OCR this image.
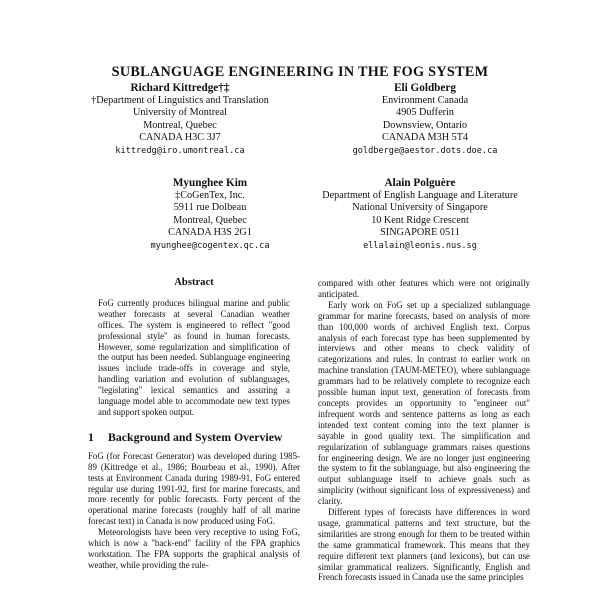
SUBLANGUAGE ENGINEERING IN THE FOG SYSTEM
Richard Kittredge†‡
†Department of Linguistics and Translation
University of Montreal
Montreal, Quebec
CANADA H3C 3J7
kittredg@iro.umontreal.ca
Eli Goldberg
Environment Canada
4905 Dufferin
Downsview, Ontario
CANADA M3H 5T4
goldberge@aestor.dots.doe.ca
Myunghee Kim
‡CoGenTex, Inc.
5911 rue Dolbeau
Montreal, Quebec
CANADA H3S 2G1
myunghee@cogentex.qc.ca
Alain Polguère
Department of English Language and Literature
National University of Singapore
10 Kent Ridge Crescent
SINGAPORE 0511
ellalain@leonis.nus.sg
Abstract

FoG currently produces bilingual marine and public weather forecasts at several Canadian weather offices. The system is engineered to reflect "good professional style" as found in human forecasts. However, some regularization and simplification of the output has been needed. Sublanguage engineering issues include trade-offs in coverage and style, handling variation and evolution of sublanguages, "legislating" lexical semantics and assuring a language model able to accommodate new text types and support spoken output.

1 Background and System Overview

FoG (for Forecast Generator) was developed during 1985-89 (Kittredge et al., 1986; Bourbeau et al., 1990). After tests at Environment Canada during 1989-91, FoG entered regular use during 1991-92, first for marine forecasts, and more recently for public forecasts. Forty percent of the operational marine forecasts (roughly half of all marine forecast text) in Canada is now produced using FoG.

Meteorologists have been very receptive to using FoG, which is now a "back-end" facility of the FPA graphics workstation. The FPA supports the graphical analysis of weather, while providing the rule-

compared with other features which were not originally anticipated.

Early work on FoG set up a specialized sublanguage grammar for marine forecasts, based on analysis of more than 100,000 words of archived English text. Corpus analysis of each forecast type has been supplemented by interviews and other means to check validity of categorizations and rules. In contrast to earlier work on machine translation (TAUM-METEO), where sublanguage grammars had to be relatively complete to recognize each possible human input text, generation of forecasts from concepts provides an opportunity to "engineer out" infrequent words and sentence patterns as long as each intended text content coming into the text planner is sayable in good quality text. The simplification and regularization of sublanguage grammars raises questions for engineering design. We are no longer just engineering the system to fit the sublanguage, but also engineering the output sublanguage itself to achieve goals such as simplicity (without significant loss of expressiveness) and clarity.

Different types of forecasts have differences in word usage, grammatical patterns and text structure, but the similarities are strong enough for them to be treated within the same grammatical framework. This means that they require different text planners (and lexicons), but can use similar grammatical realizers. Significantly, English and French forecasts issued in Canada use the same principles
